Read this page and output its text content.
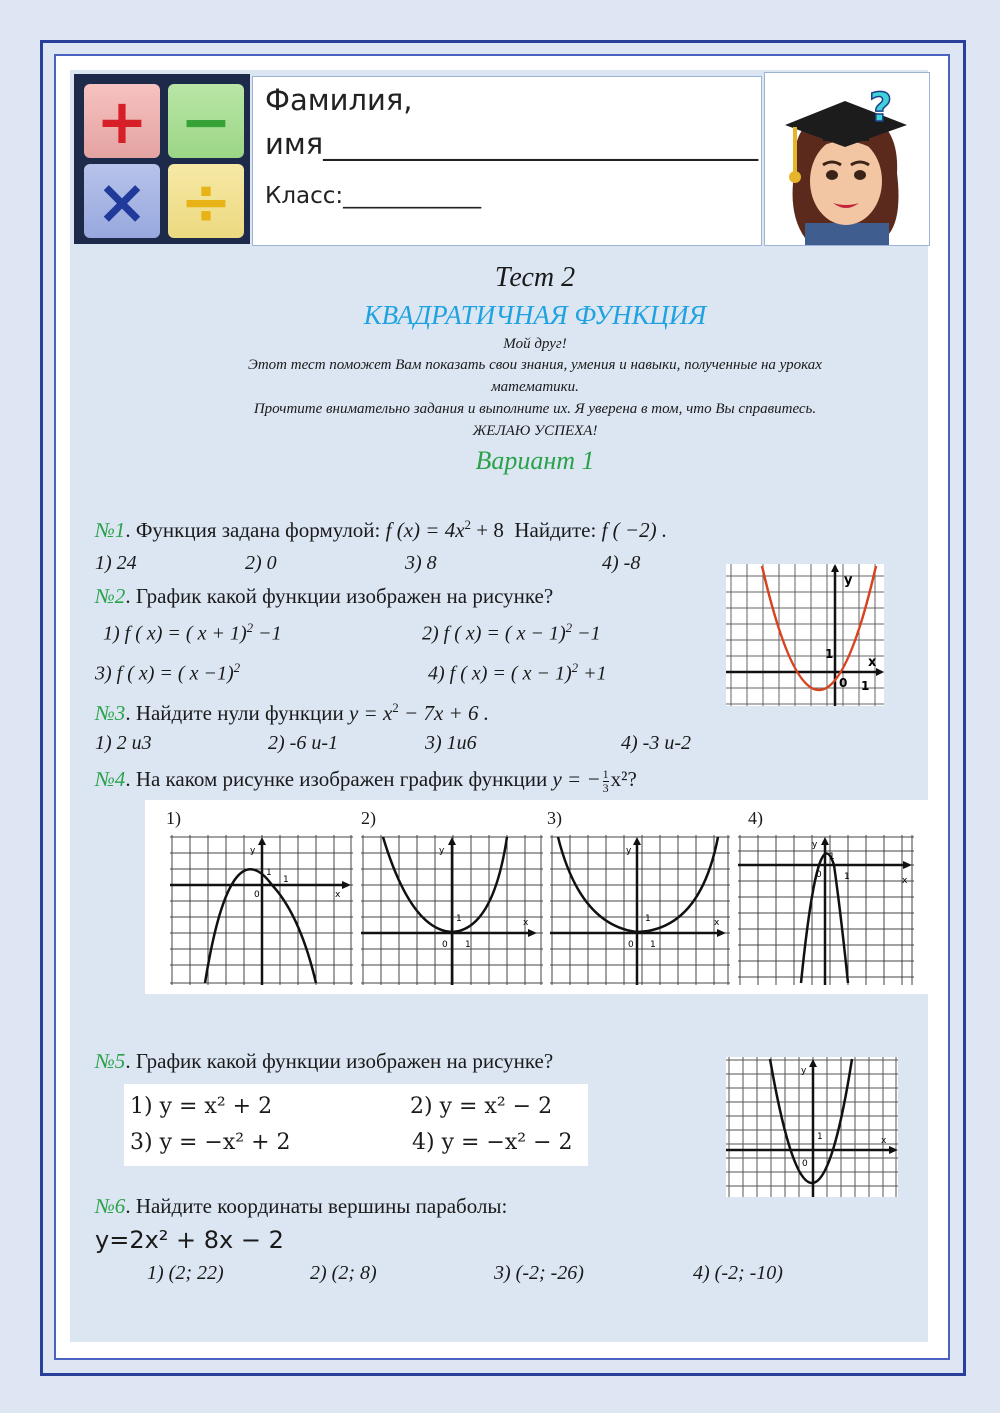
+ −
× ÷
Фамилия,
имя______________________________
Класс:____________
?
Тест 2
КВАДРАТИЧНАЯ ФУНКЦИЯ
Мой друг!
Этот тест поможет Вам показать свои знания, умения и навыки, полученные на уроках
математики.
Прочтите внимательно задания и выполните их. Я уверена в том, что Вы справитесь.
ЖЕЛАЮ УСПЕХА!
Вариант 1
№1. Функция задана формулой: f $(x) = 4x^2 + 8$ Найдите: f ( −2) .
1) 24	2) 0	3) 8	4) -8
№2. График какой функции изображен на рисунке?
1) f ( x) = ( x + 1)$^2$ −1	2) f ( x) = ( x − 1)$^2$ −1
3) f ( x) = ( x −1)$^2$	4) f ( x) = ( x − 1)$^2$ +1
y
x
1
0 1
№3. Найдите нули функции $y = x^2 - 7x + 6$ .
1) 2 и3	2) -6 и-1	3) 1и6	4) -3 и-2
№4. На каком рисунке изображен график функции y = − $\frac{1}{3} x^2$?
1)	2)	3)	4)
y
x
0
1
1
y
x
0
1
1
y
x
0
1
1
y
x
0
1
1
№5. График какой функции изображен на рисунке?
1) y = x² + 2	2) y = x² − 2
3) y = −x² + 2	4) y = −x² − 2
y
x
0
1
№6. Найдите координаты вершины параболы:
y=2x² + 8x − 2
1) (2; 22)	2) (2; 8)	3) (-2; -26)	4) (-2; -10)
